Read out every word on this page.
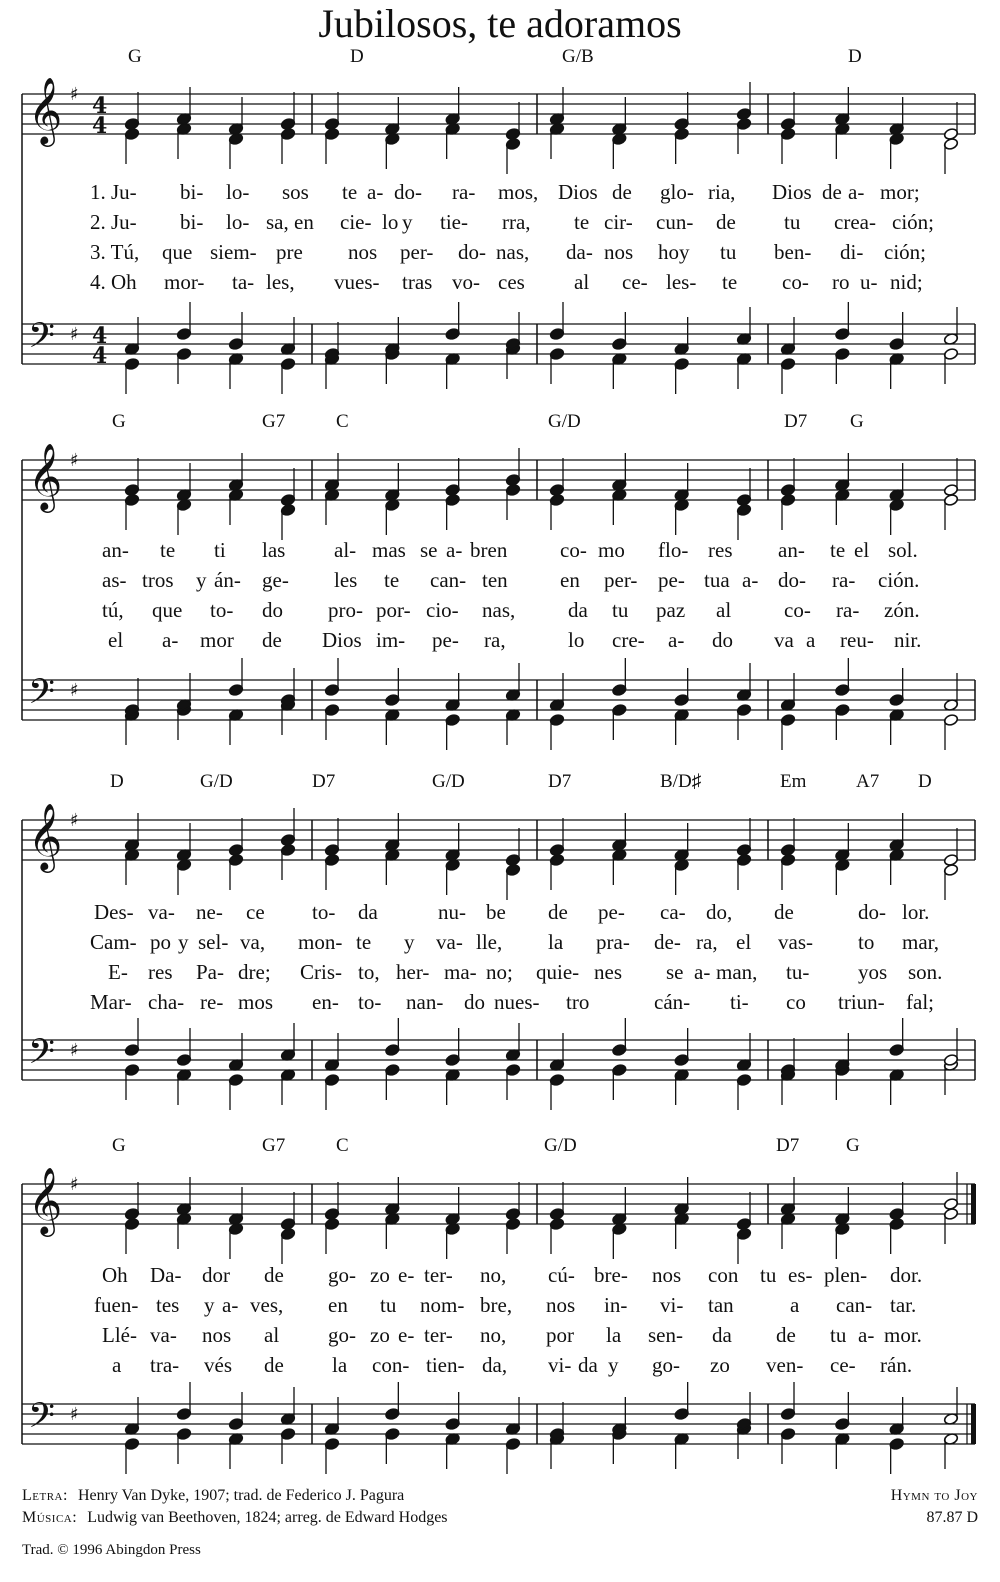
Jubilosos, te adoramos
Letra: Henry Van Dyke, 1907; trad. de Federico J. Pagura
Música: Ludwig van Beethoven, 1824; arreg. de Edward Hodges
Trad. © 1996 Abingdon Press
Hymn to Joy
87.87 D
G	D	G/B	D
1. Ju- bi- lo- sos te a- do- ra- mos, Dios de glo- ria, Dios de a- mor;
2. Ju- bi- lo- sa, en cie- lo y tie- rra, te cir- cun- de tu crea- ción;
3. Tú, que siem- pre nos per- do- nas, da- nos hoy tu ben- di- ción;
4. Oh mor- ta- les, vues- tras vo- ces al ce- les- te co- ro u- nid;
𝄞
𝄢
♯
♯
4
4
4
4
G	G7	C	G/D	D7 G
an- te ti las al- mas se a- bren	co- mo flo- res an- te el sol.
as- tros y án- ge- les te can- ten en per- pe- tua a- do- ra- ción.
tú, que to- do pro- por- cio- nas,	da tu paz al	co- ra- zón.
el a- mor de Dios im- pe- ra,	lo cre- a- do va a reu- nir.
𝄞
𝄢
♯
♯
D	G/D	D7	G/D	D7	B/D♯	Em	A7 D
Des- va- ne- ce to- da	nu- be de pe- ca- do, de	do- lor.
Cam- po y sel- va, mon- te y va- lle, la pra- de- ra, el vas- to mar,
E- res Pa- dre; Cris- to, her- ma- no; quie- nes se a- man, tu- yos son.
Mar- cha- re- mos en- to- nan- do nues- tro	cán- ti- co triun- fal;
𝄞
𝄢
♯
♯
G	G7	C	G/D	D7 G
Oh Da- dor de go- zo e- ter- no, cú- bre- nos con tu es- plen- dor.
fuen- tes y a- ves, en tu nom- bre, nos in- vi- tan	a can- tar.
Llé- va- nos al go- zo e- ter- no, por la sen- da de tu a- mor.
a tra- vés de la con- tien- da, vi- da y go- zo ven- ce- rán.
𝄞
𝄢
♯
♯
